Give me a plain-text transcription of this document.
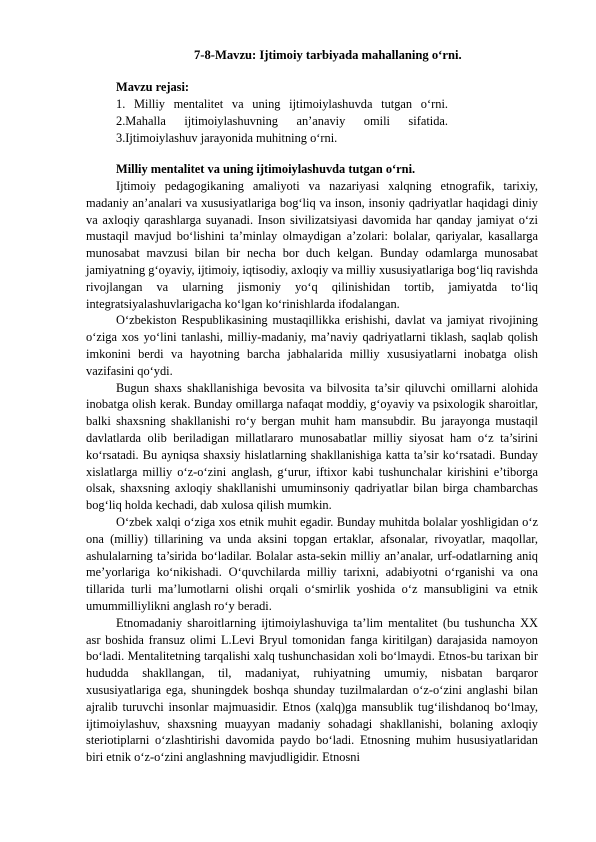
7-8-Mavzu: Ijtimoiy tarbiyada mahallaning o‘rni.
Mavzu rejasi:
1. Milliy mentalitet va uning ijtimoiylashuvda tutgan o‘rni. 2.Mahalla ijtimoiylashuvning an’anaviy omili sifatida. 3.Ijtimoiylashuv jarayonida muhitning o‘rni.
Milliy mentalitet va uning ijtimoiylashuvda tutgan o‘rni.

Ijtimoiy pedagogikaning amaliyoti va nazariyasi xalqning etnografik, tarixiy, madaniy an’analari va xususiyatlariga bog‘liq va inson, insoniy qadriyatlar haqidagi diniy va axloqiy qarashlarga suyanadi. Inson sivilizatsiyasi davomida har qanday jamiyat o‘zi mustaqil mavjud bo‘lishini ta’minlay olmaydigan a’zolari: bolalar, qariyalar, kasallarga munosabat mavzusi bilan bir necha bor duch kelgan. Bunday odamlarga munosabat jamiyatning g‘oyaviy, ijtimoiy, iqtisodiy, axloqiy va milliy xususiyatlariga bog‘liq ravishda rivojlangan va ularning jismoniy yo‘q qilinishidan tortib, jamiyatda to‘liq integratsiyalashuvlarigacha ko‘lgan ko‘rinishlarda ifodalangan.

O‘zbekiston Respublikasining mustaqillikka erishishi, davlat va jamiyat rivojining o‘ziga xos yo‘lini tanlashi, milliy-madaniy, ma’naviy qadriyatlarni tiklash, saqlab qolish imkonini berdi va hayotning barcha jabhalarida milliy xususiyatlarni inobatga olish vazifasini qo‘ydi.

Bugun shaxs shakllanishiga bevosita va bilvosita ta’sir qiluvchi omillarni alohida inobatga olish kerak. Bunday omillarga nafaqat moddiy, g‘oyaviy va psixologik sharoitlar, balki shaxsning shakllanishi ro‘y bergan muhit ham mansubdir. Bu jarayonga mustaqil davlatlarda olib beriladigan millatlararo munosabatlar milliy siyosat ham o‘z ta’sirini ko‘rsatadi. Bu ayniqsa shaxsiy hislatlarning shakllanishiga katta ta’sir ko‘rsatadi. Bunday xislatlarga milliy o‘z-o‘zini anglash, g‘urur, iftixor kabi tushunchalar kirishini e’tiborga olsak, shaxsning axloqiy shakllanishi umuminsoniy qadriyatlar bilan birga chambarchas bog‘liq holda kechadi, dab xulosa qilish mumkin.

O‘zbek xalqi o‘ziga xos etnik muhit egadir. Bunday muhitda bolalar yoshligidan o‘z ona (milliy) tillarining va unda aksini topgan ertaklar, afsonalar, rivoyatlar, maqollar, ashulalarning ta’sirida bo‘ladilar. Bolalar asta-sekin milliy an’analar, urf-odatlarning aniq me’yorlariga ko‘nikishadi. O‘quvchilarda milliy tarixni, adabiyotni o‘rganishi va ona tillarida turli ma’lumotlarni olishi orqali o‘smirlik yoshida o‘z mansubligini va etnik umummilliylikni anglash ro‘y beradi.

Etnomadaniy sharoitlarning ijtimoiylashuviga ta’lim mentalitet (bu tushuncha XX asr boshida fransuz olimi L.Levi Bryul tomonidan fanga kiritilgan) darajasida namoyon bo‘ladi. Mentalitetning tarqalishi xalq tushunchasidan xoli bo‘lmaydi. Etnos-bu tarixan bir hududda shakllangan, til, madaniyat, ruhiyatning umumiy, nisbatan barqaror xususiyatlariga ega, shuningdek boshqa shunday tuzilmalardan o‘z-o‘zini anglashi bilan ajralib turuvchi insonlar majmuasidir. Etnos (xalq)ga mansublik tug‘ilishdanoq bo‘lmay, ijtimoiylashuv, shaxsning muayyan madaniy sohadagi shakllanishi, bolaning axloqiy steriotiplarni o‘zlashtirishi davomida paydo bo‘ladi. Etnosning muhim hususiyatlaridan biri etnik o‘z-o‘zini anglashning mavjudligidir. Etnosni
